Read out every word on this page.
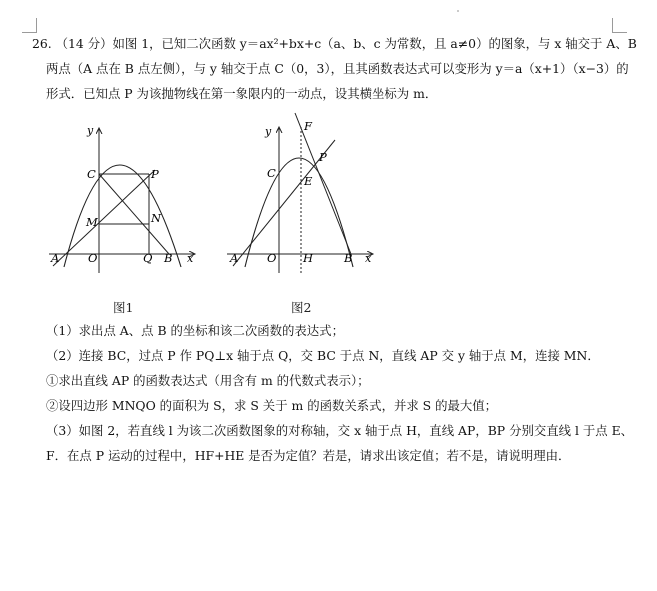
26. （14 分）如图 1，已知二次函数 y＝ax²+bx+c（a、b、c 为常数，且 a≠0）的图象，与 x 轴交于 A、B
两点（A 点在 B 点左侧），与 y 轴交于点 C（0，3），且其函数表达式可以变形为 y＝a（x+1）（x−3）的
形式．已知点 P 为该抛物线在第一象限内的一动点，设其横坐标为 m．
y
x
A O	Q B
C	P
M	N
图1
y
x
A O H	B
C
P
E
F
图2
（1）求出点 A、点 B 的坐标和该二次函数的表达式；
（2）连接 BC，过点 P 作 PQ⊥x 轴于点 Q，交 BC 于点 N，直线 AP 交 y 轴于点 M，连接 MN．
①求出直线 AP 的函数表达式（用含有 m 的代数式表示）；
②设四边形 MNQO 的面积为 S，求 S 关于 m 的函数关系式，并求 S 的最大值；
（3）如图 2，若直线 l 为该二次函数图象的对称轴，交 x 轴于点 H，直线 AP，BP 分别交直线 l 于点 E、
F．在点 P 运动的过程中，HF+HE 是否为定值？若是，请求出该定值；若不是，请说明理由．
